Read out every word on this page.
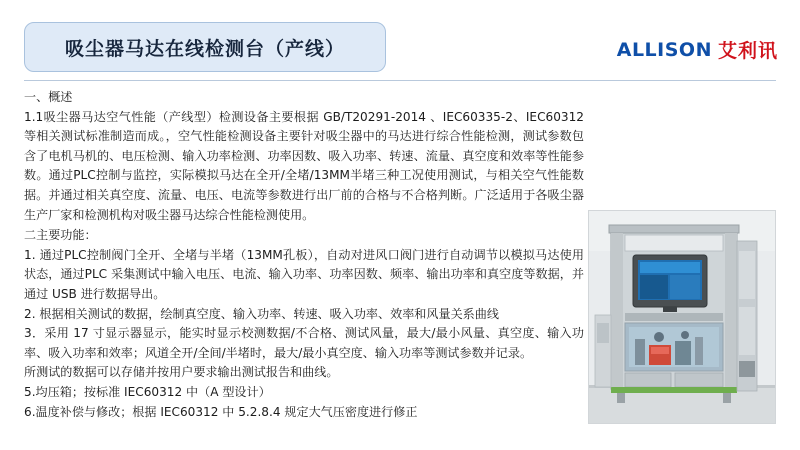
吸尘器马达在线检测台（产线）	ALLISON 艾利讯

一、概述

1.1吸尘器马达空气性能（产线型）检测设备主要根据 GB/T20291-2014 、IEC60335-2、IEC60312 等相关测试标准制造而成。，空气性能检测设备主要针对吸尘器中的马达进行综合性能检测，测试参数包含了电机马机的、电压检测、输入功率检测、功率因数、吸入功率、转速、流量、真空度和效率等性能参数。通过PLC控制与监控，实际模拟马达在全开/全堵/13MM半堵三种工况使用测试，与相关空气性能数据。并通过相关真空度、流量、电压、电流等参数进行出厂前的合格与不合格判断。广泛适用于各吸尘器生产厂家和检测机构对吸尘器马达综合性能检测使用。

二主要功能：

1. 通过PLC控制阀门全开、全堵与半堵（13MM孔板），自动对进风口阀门进行自动调节以模拟马达使用状态，通过PLC 采集测试中输入电压、电流、输入功率、功率因数、频率、输出功率和真空度等数据，并通过 USB 进行数据导出。

2. 根据相关测试的数据，绘制真空度、输入功率、转速、吸入功率、效率和风量关系曲线

3．采用 17 寸显示器显示，能实时显示校测数据/不合格、测试风量，最大/最小风量、真空度、输入功率、吸入功率和效率；风道全开/全间/半堵时，最大/最小真空度、输入功率等测试参数并记录。

所测试的数据可以存储并按用户要求输出测试报告和曲线。

5.均压箱；按标准 IEC60312 中（A 型设计）

6.温度补偿与修改；根据 IEC60312 中 5.2.8.4 规定大气压密度进行修正
